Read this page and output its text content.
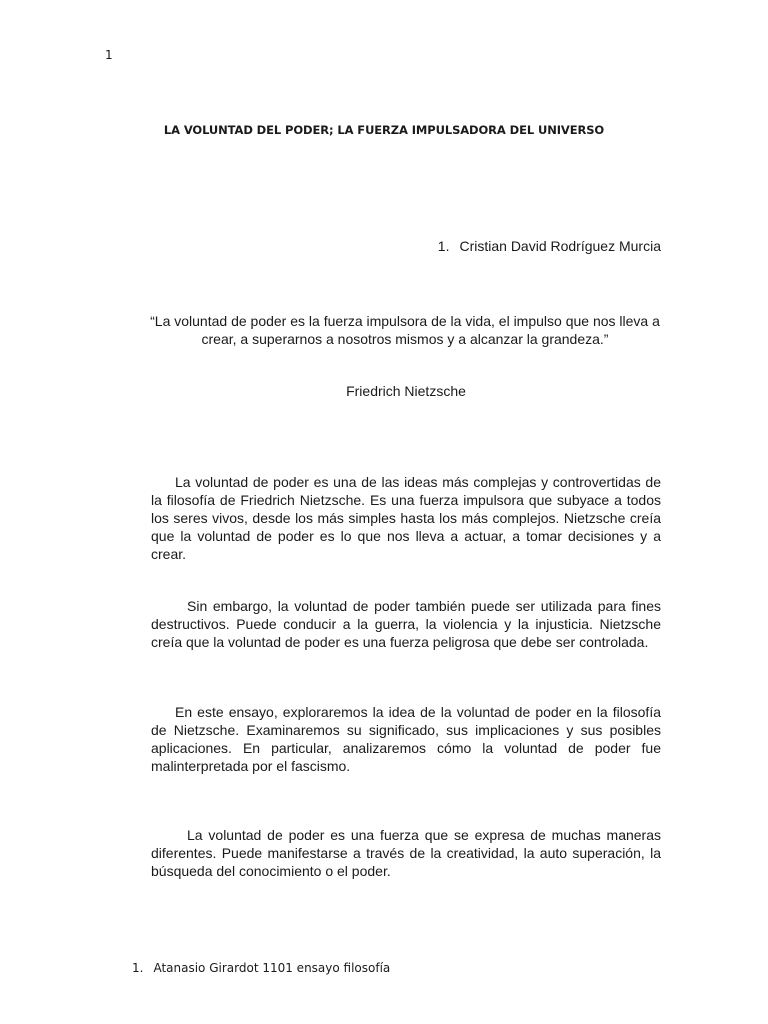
1
LA VOLUNTAD DEL PODER; LA FUERZA IMPULSADORA DEL UNIVERSO
1. Cristian David Rodríguez Murcia
“La voluntad de poder es la fuerza impulsora de la vida, el impulso que nos lleva a crear, a superarnos a nosotros mismos y a alcanzar la grandeza.”
Friedrich Nietzsche

La voluntad de poder es una de las ideas más complejas y controvertidas de la filosofía de Friedrich Nietzsche. Es una fuerza impulsora que subyace a todos los seres vivos, desde los más simples hasta los más complejos. Nietzsche creía que la voluntad de poder es lo que nos lleva a actuar, a tomar decisiones y a crear.

Sin embargo, la voluntad de poder también puede ser utilizada para fines destructivos. Puede conducir a la guerra, la violencia y la injusticia. Nietzsche creía que la voluntad de poder es una fuerza peligrosa que debe ser controlada.

En este ensayo, exploraremos la idea de la voluntad de poder en la filosofía de Nietzsche. Examinaremos su significado, sus implicaciones y sus posibles aplicaciones. En particular, analizaremos cómo la voluntad de poder fue malinterpretada por el fascismo.

La voluntad de poder es una fuerza que se expresa de muchas maneras diferentes. Puede manifestarse a través de la creatividad, la auto superación, la búsqueda del conocimiento o el poder.

1. Atanasio Girardot 1101 ensayo filosofía
